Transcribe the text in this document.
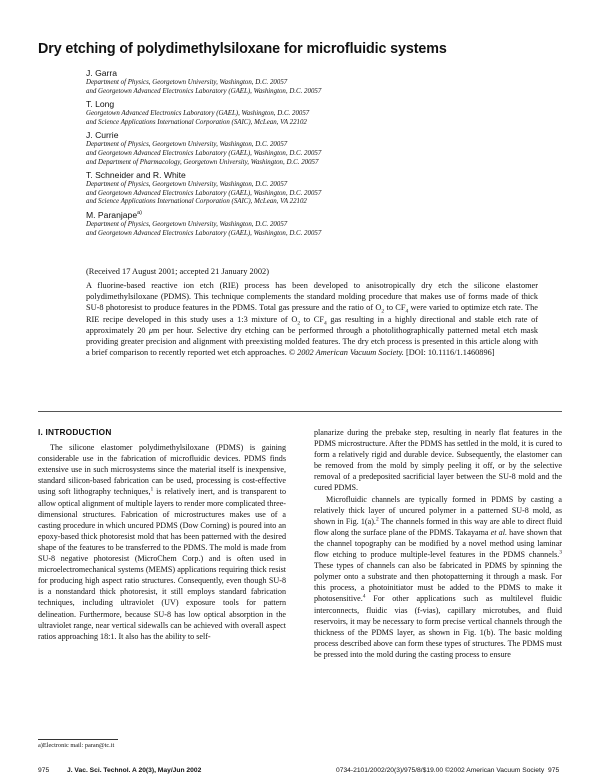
Dry etching of polydimethylsiloxane for microfluidic systems
J. Garra
Department of Physics, Georgetown University, Washington, D.C. 20057
and Georgetown Advanced Electronics Laboratory (GAEL), Washington, D.C. 20057
T. Long
Georgetown Advanced Electronics Laboratory (GAEL), Washington, D.C. 20057
and Science Applications International Corporation (SAIC), McLean, VA 22102
J. Currie
Department of Physics, Georgetown University, Washington, D.C. 20057
and Georgetown Advanced Electronics Laboratory (GAEL), Washington, D.C. 20057
and Department of Pharmacology, Georgetown University, Washington, D.C. 20057
T. Schneider and R. White
Department of Physics, Georgetown University, Washington, D.C. 20057
and Georgetown Advanced Electronics Laboratory (GAEL), Washington, D.C. 20057
and Science Applications International Corporation (SAIC), McLean, VA 22102
M. Paranjape$^{a)}$
Department of Physics, Georgetown University, Washington, D.C. 20057
and Georgetown Advanced Electronics Laboratory (GAEL), Washington, D.C. 20057
(Received 17 August 2001; accepted 21 January 2002)
A fluorine-based reactive ion etch (RIE) process has been developed to anisotropically dry etch the silicone elastomer polydimethylsiloxane (PDMS). This technique complements the standard molding procedure that makes use of forms made of thick SU-8 photoresist to produce features in the PDMS. Total gas pressure and the ratio of $O_2$ to $CF_4$ were varied to optimize etch rate. The RIE recipe developed in this study uses a 1:3 mixture of $O_2$ to $CF_4$ gas resulting in a highly directional and stable etch rate of approximately 20 μm per hour. Selective dry etching can be performed through a photolithographically patterned metal etch mask providing greater precision and alignment with preexisting molded features. The dry etch process is presented in this article along with a brief comparison to recently reported wet etch approaches. © 2002 American Vacuum Society. [DOI: 10.1116/1.1460896]
I. INTRODUCTION

The silicone elastomer polydimethylsiloxane (PDMS) is gaining considerable use in the fabrication of microfluidic devices. PDMS finds extensive use in such microsystems since the material itself is inexpensive, standard silicon-based fabrication can be used, processing is cost-effective using soft lithography techniques,$^1$ is relatively inert, and is transparent to allow optical alignment of multiple layers to render more complicated three-dimensional structures. Fabrication of microstructures makes use of a casting procedure in which uncured PDMS (Dow Corning) is poured into an epoxy-based thick photoresist mold that has been patterned with the desired shape of the features to be transferred to the PDMS. The mold is made from SU-8 negative photoresist (MicroChem Corp.) and is often used in microelectromechanical systems (MEMS) applications requiring thick resist for producing high aspect ratio structures. Consequently, even though SU-8 is a nonstandard thick photoresist, it still employs standard fabrication techniques, including ultraviolet (UV) exposure tools for pattern delineation. Furthermore, because SU-8 has low optical absorption in the ultraviolet range, near vertical sidewalls can be achieved with overall aspect ratios approaching 18:1. It also has the ability to self-

planarize during the prebake step, resulting in nearly flat features in the PDMS microstructure. After the PDMS has settled in the mold, it is cured to form a relatively rigid and durable device. Subsequently, the elastomer can be removed from the mold by simply peeling it off, or by the selective removal of a predeposited sacrificial layer between the SU-8 mold and the cured PDMS.

Microfluidic channels are typically formed in PDMS by casting a relatively thick layer of uncured polymer in a patterned SU-8 mold, as shown in Fig. 1(a).$^2$ The channels formed in this way are able to direct fluid flow along the surface plane of the PDMS. Takayama et al. have shown that the channel topography can be modified by a novel method using laminar flow etching to produce multiple-level features in the PDMS channels.$^3$ These types of channels can also be fabricated in PDMS by spinning the polymer onto a substrate and then photopatterning it through a mask. For this process, a photoinitiator must be added to the PDMS to make it photosensitive.$^4$ For other applications such as multilevel fluidic interconnects, fluidic vias (f-vias), capillary microtubes, and fluid reservoirs, it may be necessary to form precise vertical channels through the thickness of the PDMS layer, as shown in Fig. 1(b). The basic molding process described above can form these types of structures. The PDMS must be pressed into the mold during the casting process to ensure

a)Electronic mail: paran@tc.it
975	J. Vac. Sci. Technol. A 20(3), May/Jun 2002	0734-2101/2002/20(3)/975/8/$19.00 ©2002 American Vacuum Society 975
